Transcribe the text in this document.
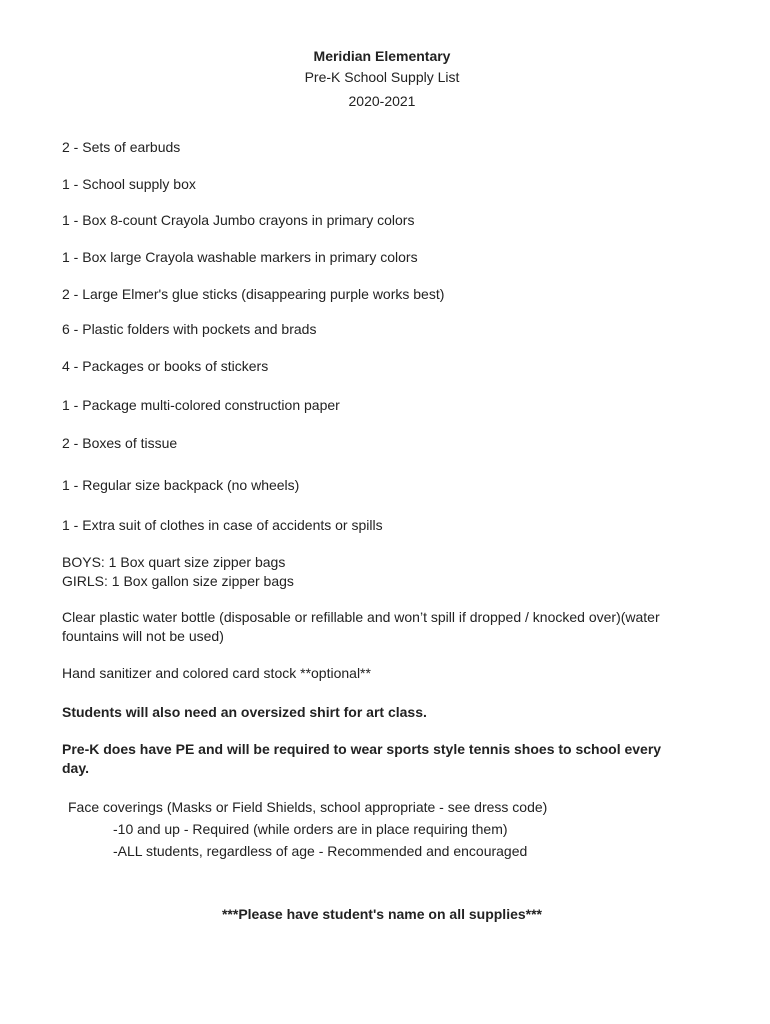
Meridian Elementary
Pre-K School Supply List
2020-2021
2 - Sets of earbuds
1 - School supply box
1 - Box 8-count Crayola Jumbo crayons in primary colors
1 - Box large Crayola washable markers in primary colors
2 - Large Elmer's glue sticks (disappearing purple works best)
6 - Plastic folders with pockets and brads
4 - Packages or books of stickers
1 - Package multi-colored construction paper
2 - Boxes of tissue
1 - Regular size backpack (no wheels)
1 - Extra suit of clothes in case of accidents or spills
BOYS: 1 Box quart size zipper bags
GIRLS: 1 Box gallon size zipper bags
Clear plastic water bottle (disposable or refillable and won’t spill if dropped / knocked over)(water fountains will not be used)
Hand sanitizer and colored card stock **optional**
Students will also need an oversized shirt for art class.
Pre-K does have PE and will be required to wear sports style tennis shoes to school every day.
Face coverings (Masks or Field Shields, school appropriate - see dress code)
-10 and up - Required (while orders are in place requiring them)
-ALL students, regardless of age - Recommended and encouraged
***Please have student's name on all supplies***
